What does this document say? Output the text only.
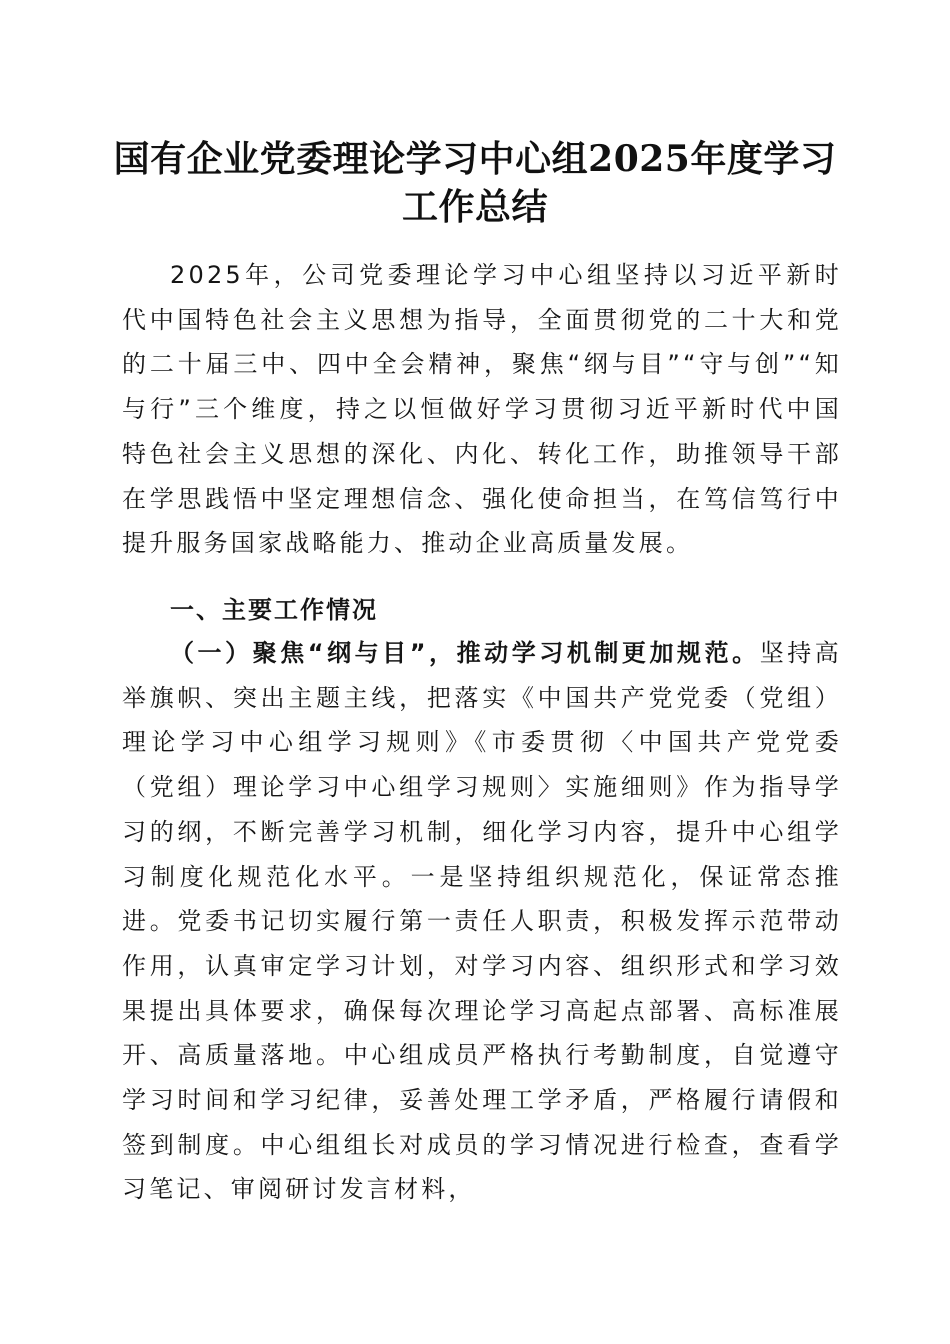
国有企业党委理论学习中心组2025年度学习
工作总结

2025年，公司党委理论学习中心组坚持以习近平新时代中国特色社会主义思想为指导，全面贯彻党的二十大和党的二十届三中、四中全会精神，聚焦“纲与目”“守与创”“知与行”三个维度，持之以恒做好学习贯彻习近平新时代中国特色社会主义思想的深化、内化、转化工作，助推领导干部在学思践悟中坚定理想信念、强化使命担当，在笃信笃行中提升服务国家战略能力、推动企业高质量发展。

一、主要工作情况

（一）聚焦“纲与目”，推动学习机制更加规范。坚持高举旗帜、突出主题主线，把落实《中国共产党党委（党组）理论学习中心组学习规则》《市委贯彻〈中国共产党党委（党组）理论学习中心组学习规则〉实施细则》作为指导学习的纲，不断完善学习机制，细化学习内容，提升中心组学习制度化规范化水平。一是坚持组织规范化，保证常态推进。党委书记切实履行第一责任人职责，积极发挥示范带动作用，认真审定学习计划，对学习内容、组织形式和学习效果提出具体要求，确保每次理论学习高起点部署、高标准展开、高质量落地。中心组成员严格执行考勤制度，自觉遵守学习时间和学习纪律，妥善处理工学矛盾，严格履行请假和签到制度。中心组组长对成员的学习情况进行检查，查看学习笔记、审阅研讨发言材料，
